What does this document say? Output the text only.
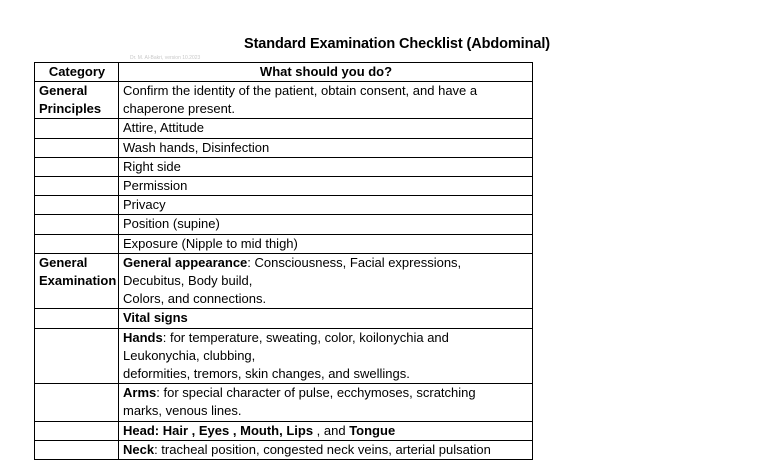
Standard Examination Checklist (Abdominal)
Dr. M. Al-Bakri, version 10.2023
Category	What should you do?

General
Principles	Confirm the identity of the patient, obtain consent, and have a chaperone present.
	Attire, Attitude
	Wash hands, Disinfection
	Right side
	Permission
	Privacy
	Position (supine)
	Exposure (Nipple to mid thigh)

General
Examination	General appearance: Consciousness, Facial expressions,
Decubitus, Body build,
Colors, and connections.

	Vital signs

	Hands: for temperature, sweating, color, koilonychia and
Leukonychia, clubbing,
deformities, tremors, skin changes, and swellings.

	Arms: for special character of pulse, ecchymoses, scratching
marks, venous lines.

	Head: Hair , Eyes , Mouth, Lips , and Tongue
	Neck: tracheal position, congested neck veins, arterial pulsation
